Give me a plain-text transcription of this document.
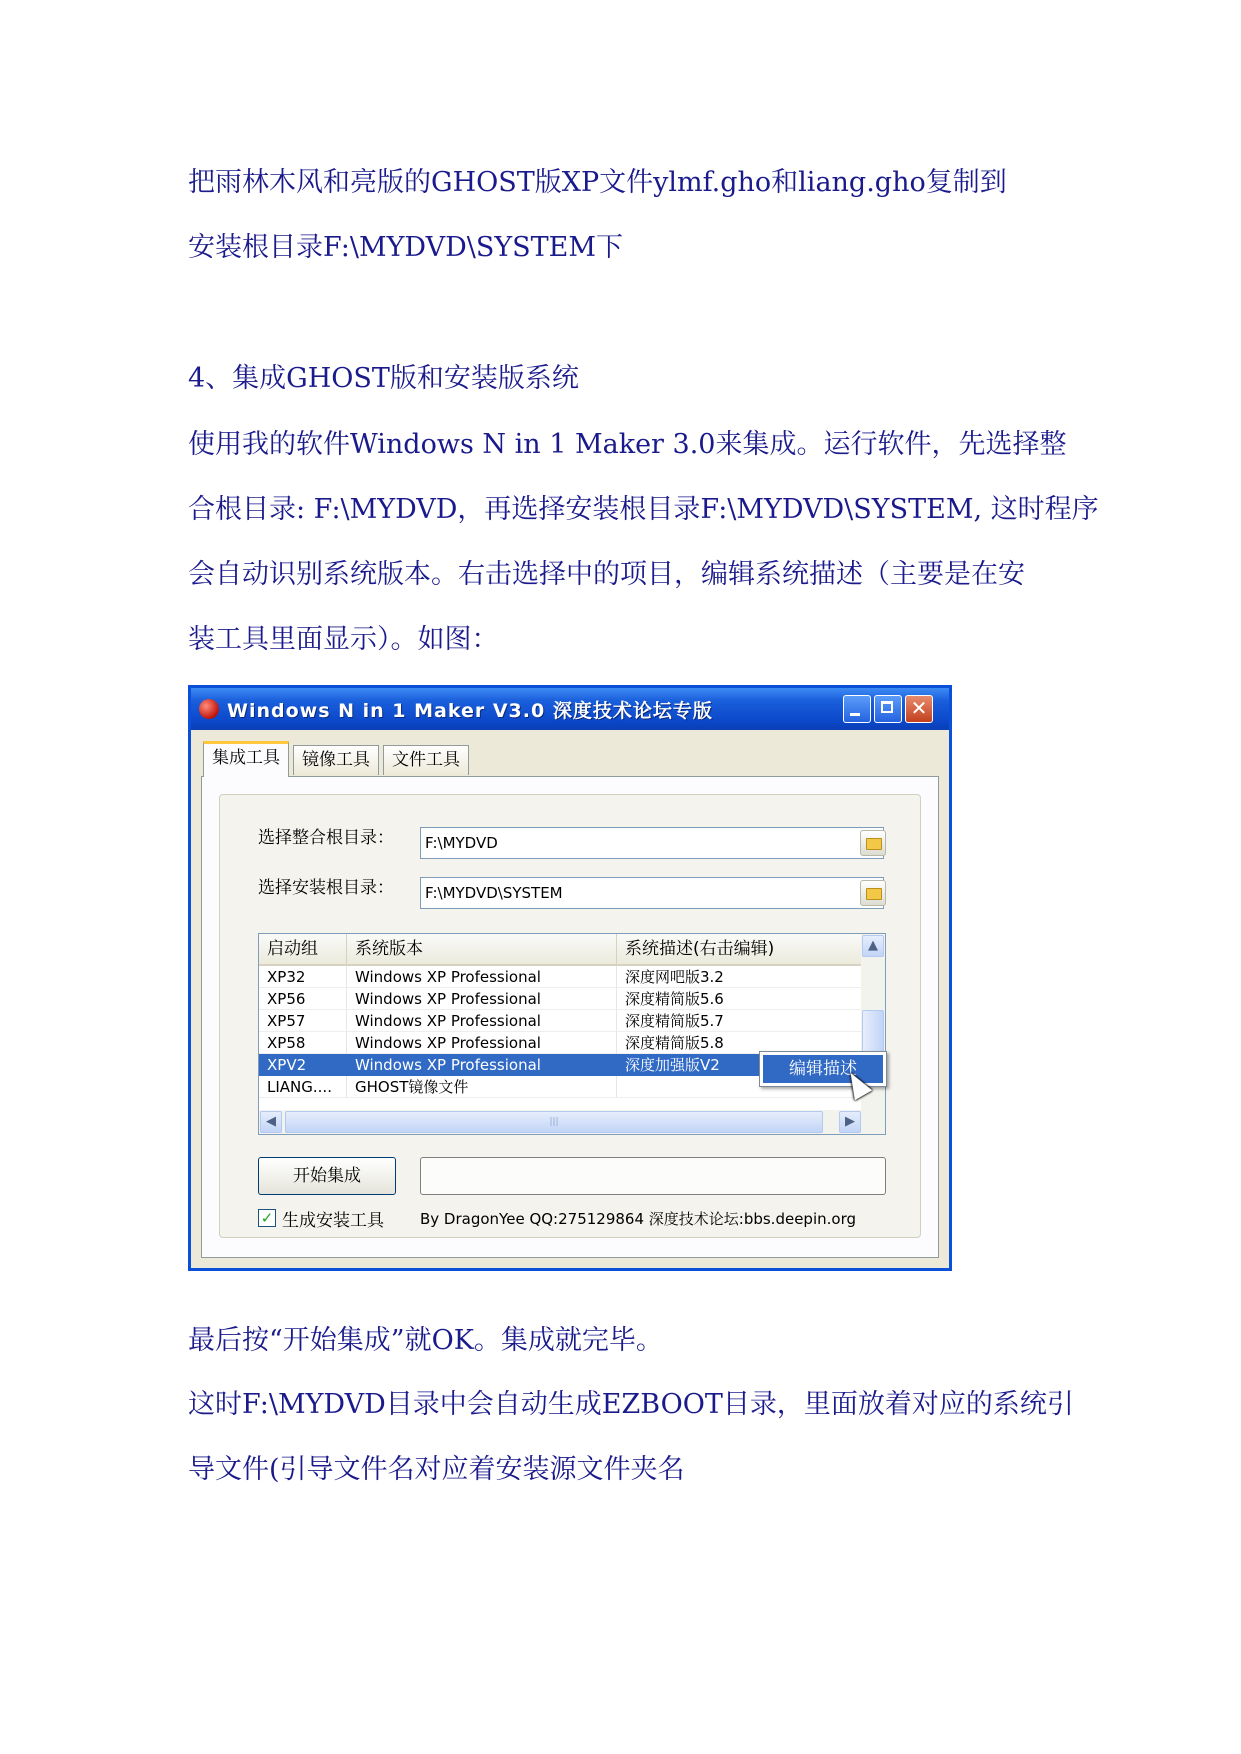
把雨林木风和亮版的GHOST版XP文件ylmf.gho和liang.gho复制到

安装根目录F:\MYDVD\SYSTEM下

4、集成GHOST版和安装版系统

使用我的软件Windows N in 1 Maker 3.0来集成。运行软件，先选择整

合根目录: F:\MYDVD，再选择安装根目录F:\MYDVD\SYSTEM, 这时程序

会自动识别系统版本。右击选择中的项目，编辑系统描述（主要是在安

装工具里面显示）。如图：

Windows N in 1 Maker V3.0 深度技术论坛专版	✕
集成工具	镜像工具	文件工具
选择整合根目录：	F:\MYDVD
选择安装根目录：	F:\MYDVD\SYSTEM
启动组	系统版本	系统描述(右击编辑)
XP32	Windows XP Professional	深度网吧版3.2
XP56	Windows XP Professional	深度精简版5.6
XP57	Windows XP Professional	深度精简版5.7
XP58	Windows XP Professional	深度精简版5.8
XPV2	Windows XP Professional	深度加强版V2
LIANG....	GHOST镜像文件
▲
◀	|||	▶
编辑描述
开始集成
✓ 生成安装工具 By DragonYee QQ:275129864 深度技术论坛:bbs.deepin.org

最后按“开始集成”就OK。集成就完毕。

这时F:\MYDVD目录中会自动生成EZBOOT目录，里面放着对应的系统引

导文件(引导文件名对应着安装源文件夹名
